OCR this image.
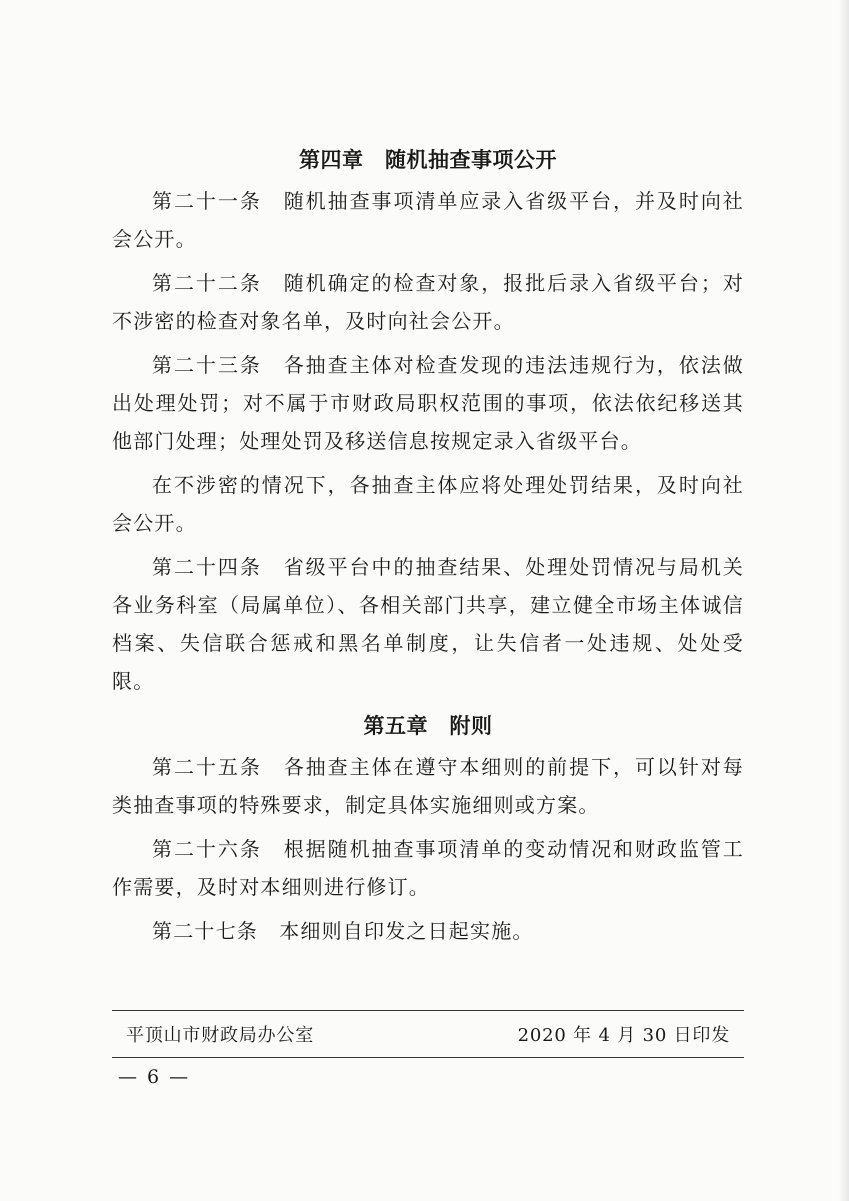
第四章　随机抽查事项公开

第二十一条　随机抽查事项清单应录入省级平台，并及时向社会公开。

第二十二条　随机确定的检查对象，报批后录入省级平台；对不涉密的检查对象名单，及时向社会公开。

第二十三条　各抽查主体对检查发现的违法违规行为，依法做出处理处罚；对不属于市财政局职权范围的事项，依法依纪移送其他部门处理；处理处罚及移送信息按规定录入省级平台。

在不涉密的情况下，各抽查主体应将处理处罚结果，及时向社会公开。

第二十四条　省级平台中的抽查结果、处理处罚情况与局机关各业务科室（局属单位）、各相关部门共享，建立健全市场主体诚信档案、失信联合惩戒和黑名单制度，让失信者一处违规、处处受限。

第五章　附则

第二十五条　各抽查主体在遵守本细则的前提下，可以针对每类抽查事项的特殊要求，制定具体实施细则或方案。

第二十六条　根据随机抽查事项清单的变动情况和财政监管工作需要，及时对本细则进行修订。

第二十七条　本细则自印发之日起实施。

平顶山市财政局办公室	2020 年 4 月 30 日印发
— 6 —
